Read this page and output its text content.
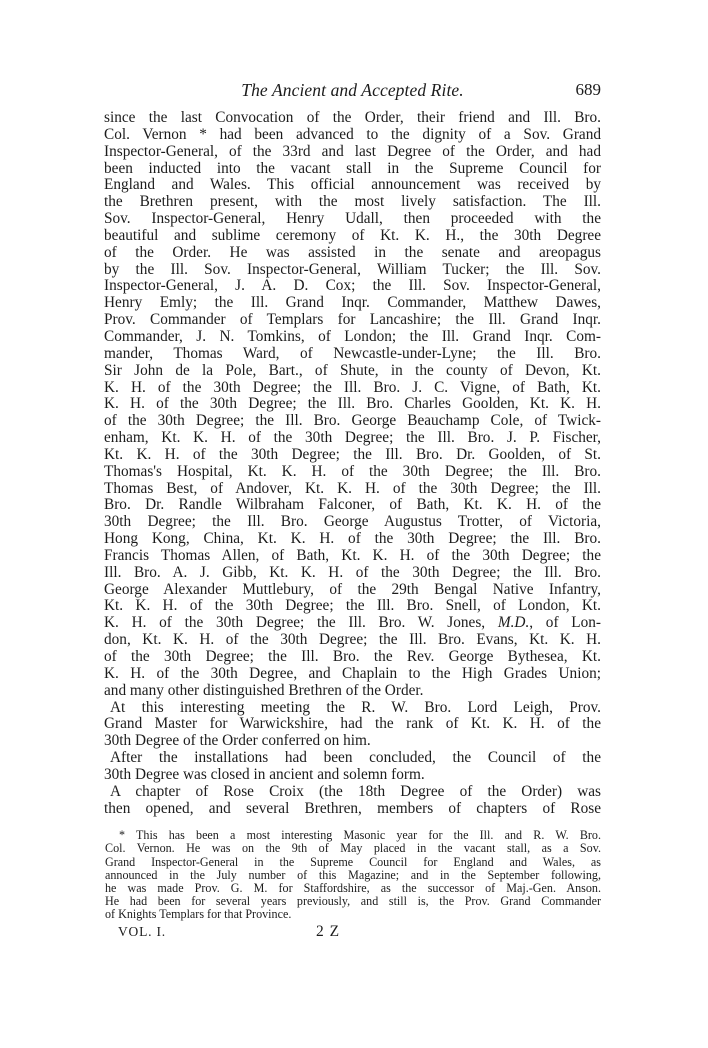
The Ancient and Accepted Rite.	689
since the last Convocation of the Order, their friend and Ill. Bro.
Col. Vernon * had been advanced to the dignity of a Sov. Grand
Inspector-General, of the 33rd and last Degree of the Order, and had
been inducted into the vacant stall in the Supreme Council for
England and Wales. This official announcement was received by
the Brethren present, with the most lively satisfaction. The Ill.
Sov. Inspector-General, Henry Udall, then proceeded with the
beautiful and sublime ceremony of Kt. K. H., the 30th Degree
of the Order. He was assisted in the senate and areopagus
by the Ill. Sov. Inspector-General, William Tucker; the Ill. Sov.
Inspector-General, J. A. D. Cox; the Ill. Sov. Inspector-General,
Henry Emly; the Ill. Grand Inqr. Commander, Matthew Dawes,
Prov. Commander of Templars for Lancashire; the Ill. Grand Inqr.
Commander, J. N. Tomkins, of London; the Ill. Grand Inqr. Com-
mander, Thomas Ward, of Newcastle-under-Lyne; the Ill. Bro.
Sir John de la Pole, Bart., of Shute, in the county of Devon, Kt.
K. H. of the 30th Degree; the Ill. Bro. J. C. Vigne, of Bath, Kt.
K. H. of the 30th Degree; the Ill. Bro. Charles Goolden, Kt. K. H.
of the 30th Degree; the Ill. Bro. George Beauchamp Cole, of Twick-
enham, Kt. K. H. of the 30th Degree; the Ill. Bro. J. P. Fischer,
Kt. K. H. of the 30th Degree; the Ill. Bro. Dr. Goolden, of St.
Thomas's Hospital, Kt. K. H. of the 30th Degree; the Ill. Bro.
Thomas Best, of Andover, Kt. K. H. of the 30th Degree; the Ill.
Bro. Dr. Randle Wilbraham Falconer, of Bath, Kt. K. H. of the
30th Degree; the Ill. Bro. George Augustus Trotter, of Victoria,
Hong Kong, China, Kt. K. H. of the 30th Degree; the Ill. Bro.
Francis Thomas Allen, of Bath, Kt. K. H. of the 30th Degree; the
Ill. Bro. A. J. Gibb, Kt. K. H. of the 30th Degree; the Ill. Bro.
George Alexander Muttlebury, of the 29th Bengal Native Infantry,
Kt. K. H. of the 30th Degree; the Ill. Bro. Snell, of London, Kt.
K. H. of the 30th Degree; the Ill. Bro. W. Jones, M.D., of Lon-
don, Kt. K. H. of the 30th Degree; the Ill. Bro. Evans, Kt. K. H.
of the 30th Degree; the Ill. Bro. the Rev. George Bythesea, Kt.
K. H. of the 30th Degree, and Chaplain to the High Grades Union;
and many other distinguished Brethren of the Order.
At this interesting meeting the R. W. Bro. Lord Leigh, Prov.
Grand Master for Warwickshire, had the rank of Kt. K. H. of the
30th Degree of the Order conferred on him.
After the installations had been concluded, the Council of the
30th Degree was closed in ancient and solemn form.
A chapter of Rose Croix (the 18th Degree of the Order) was
then opened, and several Brethren, members of chapters of Rose
* This has been a most interesting Masonic year for the Ill. and R. W. Bro.
Col. Vernon. He was on the 9th of May placed in the vacant stall, as a Sov.
Grand Inspector-General in the Supreme Council for England and Wales, as
announced in the July number of this Magazine; and in the September following,
he was made Prov. G. M. for Staffordshire, as the successor of Maj.-Gen. Anson.
He had been for several years previously, and still is, the Prov. Grand Commander
of Knights Templars for that Province.
VOL. I.	2 Z
